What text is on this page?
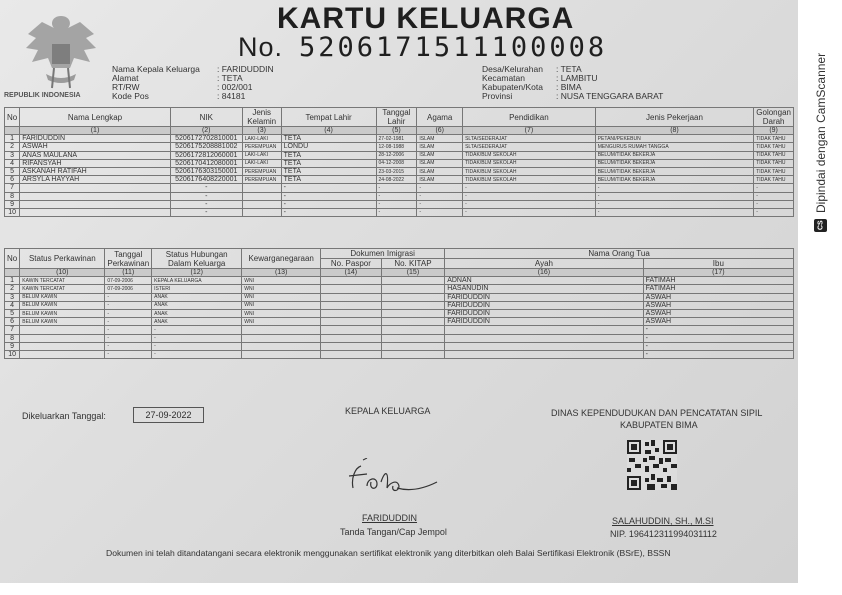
REPUBLIK INDONESIA
KARTU KELUARGA
No. 5206171511100008
Nama Kepala Keluarga	: FARIDUDDIN
Alamat	: TETA
RT/RW	: 002/001
Kode Pos	: 84181
Desa/Kelurahan	: TETA
Kecamatan	: LAMBITU
Kabupaten/Kota	: BIMA
Provinsi	: NUSA TENGGARA BARAT
No	Nama Lengkap	NIK	Jenis Kelamin	Tempat Lahir	Tanggal Lahir	Agama	Pendidikan	Jenis Pekerjaan	Golongan Darah
	(1)	(2)	(3)	(4)	(5)	(6)	(7)	(8)	(9)
1	FARIDUDDIN	5206172702810001	LAKI-LAKI	TETA	27-02-1981	ISLAM	SLTA/SEDERAJAT	PETANI/PEKEBUN	TIDAK TAHU
2	ASWAH	5206175208881002	PEREMPUAN	LONDU	12-08-1988	ISLAM	SLTA/SEDERAJAT	MENGURUS RUMAH TANGGA	TIDAK TAHU
3	ANAS MAULANA	5206172812060001	LAKI-LAKI	TETA	28-12-2006	ISLAM	TIDAK/BLM SEKOLAH	BELUM/TIDAK BEKERJA	TIDAK TAHU
4	RIFANSYAH	5206170412080001	LAKI-LAKI	TETA	04-12-2008	ISLAM	TIDAK/BLM SEKOLAH	BELUM/TIDAK BEKERJA	TIDAK TAHU
5	ASKANAH RATIFAH	5206176303150001	PEREMPUAN	TETA	23-03-2015	ISLAM	TIDAK/BLM SEKOLAH	BELUM/TIDAK BEKERJA	TIDAK TAHU
6	ARSYLA HAYYAH	5206176408220001	PEREMPUAN	TETA	24-08-2022	ISLAM	TIDAK/BLM SEKOLAH	BELUM/TIDAK BEKERJA	TIDAK TAHU
7		-		-	-	-	-	-	-
8		-		-	-	-	-	-	-
9		-		-	-	-	-	-	-
10		-		-	-	-	-	-	-
No	Status Perkawinan	Tanggal Perkawinan	Status Hubungan Dalam Keluarga	Kewarganegaraan	Dokumen Imigrasi		Nama Orang Tua	
					No. Paspor	No. KITAP	Ayah	Ibu
	(10)	(11)	(12)	(13)	(14)	(15)	(16)	(17)
1	KAWIN TERCATAT	07-09-2006	KEPALA KELUARGA	WNI			ADNAN	FATIMAH
2	KAWIN TERCATAT	07-09-2006	ISTERI	WNI			HASANUDIN	FATIMAH
3	BELUM KAWIN	-	ANAK	WNI			FARIDUDDIN	ASWAH
4	BELUM KAWIN	-	ANAK	WNI			FARIDUDDIN	ASWAH
5	BELUM KAWIN	-	ANAK	WNI			FARIDUDDIN	ASWAH
6	BELUM KAWIN	-	ANAK	WNI			FARIDUDDIN	ASWAH
7		-	-					-
8		-	-					-
9		-	-					-
10		-	-					-
Dikeluarkan Tanggal:	27-09-2022	KEPALA KELUARGA
FARIDUDDIN
Tanda Tangan/Cap Jempol
DINAS KEPENDUDUKAN DAN PENCATATAN SIPIL
KABUPATEN BIMA
SALAHUDDIN, SH., M.SI
NIP. 196412311994031112
Dokumen ini telah ditandatangani secara elektronik menggunakan sertifikat elektronik yang diterbitkan oleh Balai Sertifikasi Elektronik (BSrE), BSSN
CS
Dipindai dengan CamScanner
